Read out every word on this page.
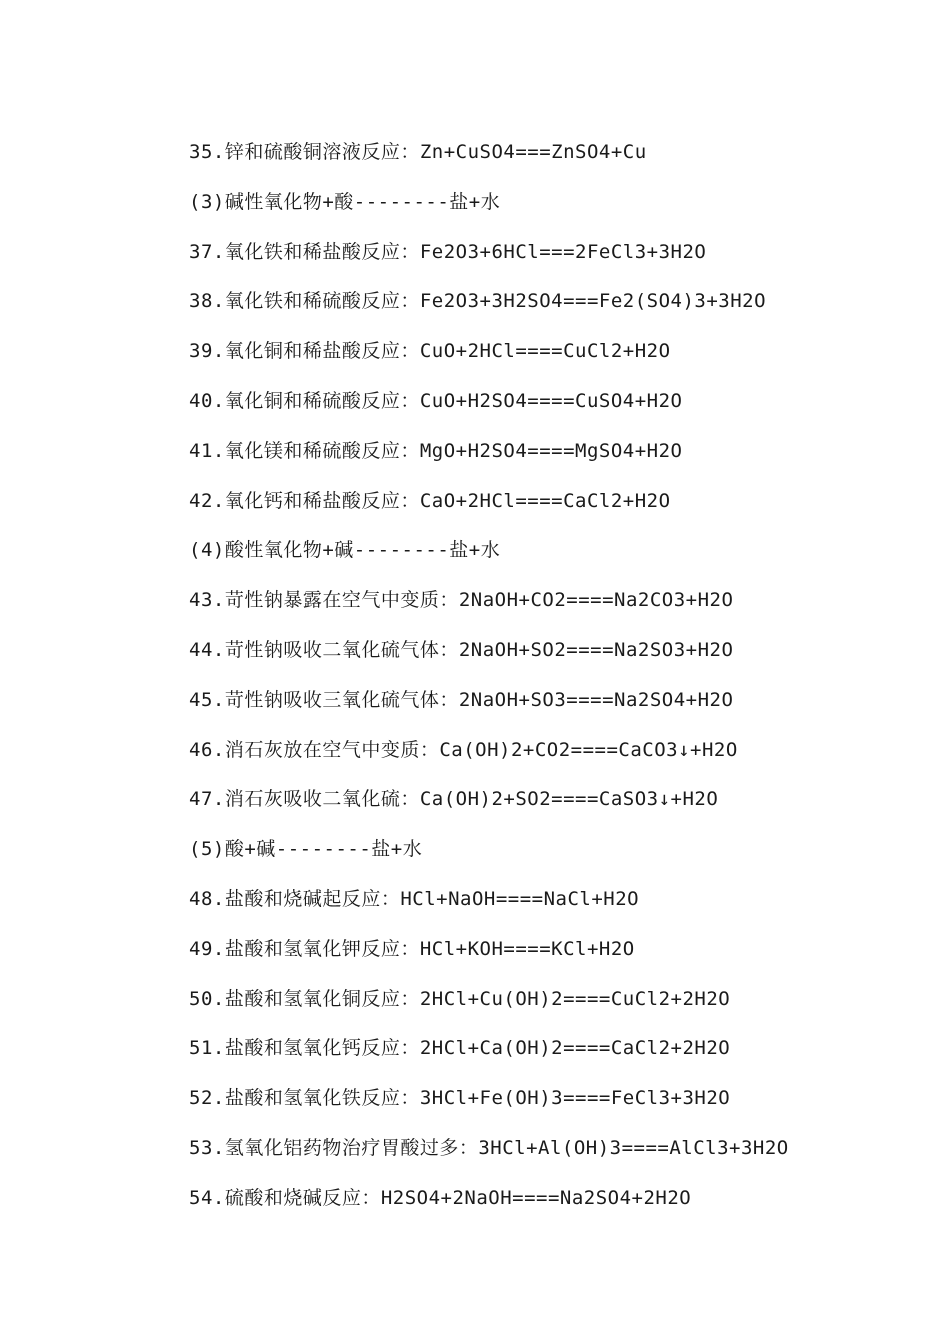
35.锌和硫酸铜溶液反应：Zn+CuSO4===ZnSO4+Cu
(3)碱性氧化物+酸--------盐+水
37.氧化铁和稀盐酸反应：Fe2O3+6HCl===2FeCl3+3H2O
38.氧化铁和稀硫酸反应：Fe2O3+3H2SO4===Fe2(SO4)3+3H2O
39.氧化铜和稀盐酸反应：CuO+2HCl====CuCl2+H2O
40.氧化铜和稀硫酸反应：CuO+H2SO4====CuSO4+H2O
41.氧化镁和稀硫酸反应：MgO+H2SO4====MgSO4+H2O
42.氧化钙和稀盐酸反应：CaO+2HCl====CaCl2+H2O
(4)酸性氧化物+碱--------盐+水
43.苛性钠暴露在空气中变质：2NaOH+CO2====Na2CO3+H2O
44.苛性钠吸收二氧化硫气体：2NaOH+SO2====Na2SO3+H2O
45.苛性钠吸收三氧化硫气体：2NaOH+SO3====Na2SO4+H2O
46.消石灰放在空气中变质：Ca(OH)2+CO2====CaCO3↓+H2O
47.消石灰吸收二氧化硫：Ca(OH)2+SO2====CaSO3↓+H2O
(5)酸+碱--------盐+水
48.盐酸和烧碱起反应：HCl+NaOH====NaCl+H2O
49.盐酸和氢氧化钾反应：HCl+KOH====KCl+H2O
50.盐酸和氢氧化铜反应：2HCl+Cu(OH)2====CuCl2+2H2O
51.盐酸和氢氧化钙反应：2HCl+Ca(OH)2====CaCl2+2H2O
52.盐酸和氢氧化铁反应：3HCl+Fe(OH)3====FeCl3+3H2O
53.氢氧化铝药物治疗胃酸过多：3HCl+Al(OH)3====AlCl3+3H2O
54.硫酸和烧碱反应：H2SO4+2NaOH====Na2SO4+2H2O
